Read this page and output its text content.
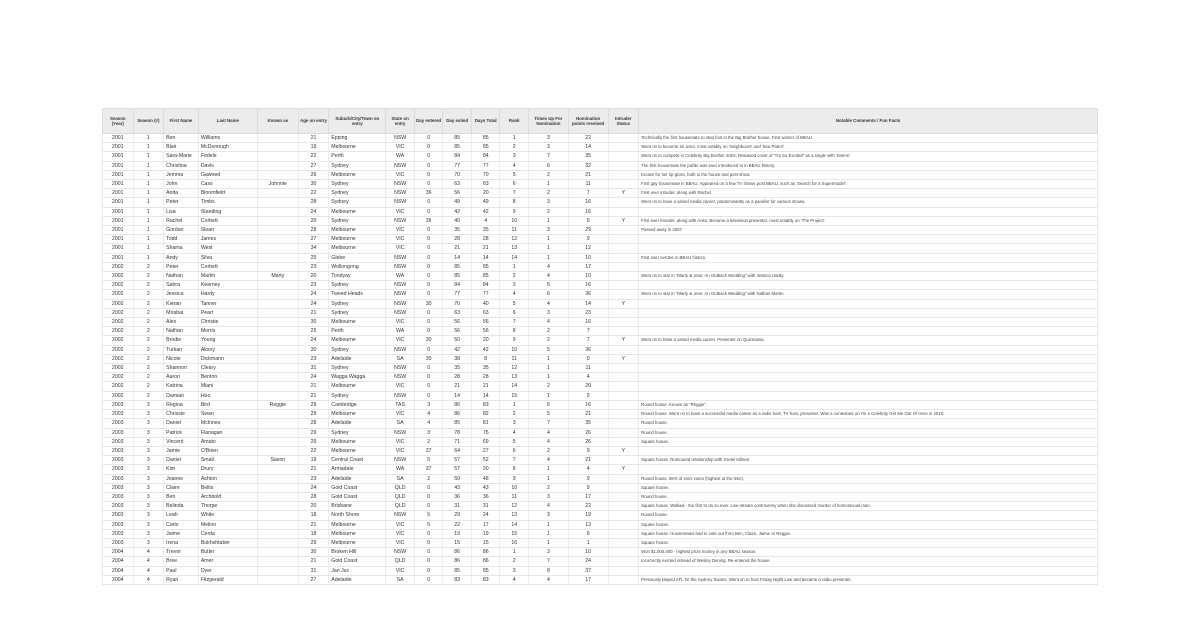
Season (Year)	Season (#)	First Name	Last Name	Known as	Age on entry	Suburb/City/Town on entry	State on entry	Day entered	Day exited	Days Total	Rank	Times Up For Nomination	Nomination points received	Intruder Status	Notable Comments / Fun Facts
2001	1	Ben	Williams		21	Epping	NSW	0	85	85	1	3	22		Technically the first housemate to step foot in the Big Brother house. First winner of BBAU.
2001	1	Blair	McDonough		19	Melbourne	VIC	0	85	85	2	3	14		Went on to become an actor, most notably on 'Neighbours' and 'Sea Patrol'.
2001	1	Sara-Marie	Fedele		22	Perth	WA	0	84	84	3	7	35		Went on to compete in Celebrity Big Brother 2002. Released cover of "I'm So Excited" as a single with 'Sirens'.
2001	1	Christina	Davis		27	Sydney	NSW	0	77	77	4	6	32		The first housemate the public was ever introduced to in BBAU history.
2001	1	Jemma	Gawned		26	Melbourne	VIC	0	70	70	5	2	21		Known for her lip-gloss, both in the house and post-show.
2001	1	John	Cass	Johnnie	30	Sydney	NSW	0	63	63	6	1	11		First gay housemate in BBAU. Appeared on a few TV shows post BBAU, such as 'Search for a Supermodel'.
2001	1	Anita	Bloomfield		22	Sydney	NSW	36	56	20	7	2	7	Y	First ever intruder, along with Rachel.
2001	1	Peter	Timbs		28	Sydney	NSW	0	49	49	8	3	16		Went on to have a varied media career, predominantly as a panelist for various shows.
2001	1	Lisa	Standing		24	Melbourne	VIC	0	42	42	9	2	16		
2001	1	Rachel	Corbett		20	Sydney	NSW	36	40	4	10	1	5	Y	First ever intruder, along with Anita. Became a television presenter, most notably on 'The Project'.
2001	1	Gordan	Sloan		28	Melbourne	VIC	0	35	35	11	3	29		Passed away in 2007.
2001	1	Todd	James		27	Melbourne	VIC	0	28	28	12	1	9		
2001	1	Shama	West		34	Melbourne	VIC	0	21	21	13	1	12		
2001	1	Andy	Silva		25	Glebe	NSW	0	14	14	14	1	10		First ever evictee in BBAU history.
2002	2	Peter	Corbett		23	Wollongong	NSW	0	85	85	1	4	17		
2002	2	Nathan	Martin	Marty	20	Toodyay	WA	0	85	85	2	4	10		Went on to star in "Marty & Jess: An Outback Wedding" with Jessica Hardy.
2002	2	Sahra	Kearney		23	Sydney	NSW	0	84	84	3	5	16		
2002	2	Jessica	Hardy		24	Tweed Heads	NSW	0	77	77	4	6	36		Went on to star in "Marty & Jess: An Outback Wedding" with Nathan Martin.
2002	2	Kieran	Tanner		24	Sydney	NSW	30	70	40	5	4	14	Y	
2002	2	Mirabai	Peart		21	Sydney	NSW	0	63	63	6	3	23		
2002	2	Alex	Christie		30	Melbourne	VIC	0	56	56	7	4	16		
2002	2	Nathan	Morris		25	Perth	WA	0	56	56	8	2	7		
2002	2	Brodie	Young		24	Melbourne	VIC	30	50	20	9	2	7	Y	Went on to have a varied media career. Presenter on Quizmania.
2002	2	Turkan	Aksoy		30	Sydney	NSW	0	42	42	10	5	36		
2002	2	Nicole	Dickmann		23	Adelaide	SA	30	38	8	11	1	0	Y	
2002	2	Shannon	Cleary		31	Sydney	NSW	0	35	35	12	1	11		
2002	2	Aaron	Benton		24	Wagga Wagga	NSW	0	28	28	13	1	4		
2002	2	Katrina	Miani		21	Melbourne	VIC	0	21	21	14	2	20		
2002	2	Damian	Hoo		21	Sydney	NSW	0	14	14	15	1	5		
2003	3	Regina	Bird	Reggie	29	Cambridge	TAS	3	86	83	1	6	16		Round house. Known as "Reggie".
2003	3	Chrissie	Swan		29	Melbourne	VIC	4	86	82	2	5	21		Round house. Went on to have a successful media career as a radio host, TV host, presenter. Was a contestant on I'm a Celebrity Get Me Out Of Here in 2019.
2003	3	Daniel	McInnes		28	Adelaide	SA	4	85	81	3	7	35		Round house.
2003	3	Patrick	Flanagan		29	Sydney	NSW	3	78	75	4	4	26		Round house.
2003	3	Vincent	Amato		29	Melbourne	VIC	2	71	69	5	4	26		Square house.
2003	3	Jamie	O'Brien		22	Melbourne	VIC	37	64	27	6	2	9	Y	
2003	3	Daniel	Small	Saxon	19	Central Coast	NSW	5	57	52	7	4	21		Square house. Rumoured relationship with Gretel Killeen.
2003	3	Kim	Drury		21	Armadale	WA	37	57	20	8	1	4	Y	
2003	3	Joanne	Ashton		23	Adelaide	SA	2	50	48	9	1	9		Round house. 86% of evict votes (highest at the time).
2003	3	Claire	Bellis		24	Gold Coast	QLD	0	43	43	10	2	9		Square house.
2003	3	Ben	Archbold		28	Gold Coast	QLD	0	36	36	11	3	17		Round house.
2003	3	Belinda	Thorpe		20	Brisbane	QLD	0	31	31	12	4	22		Square house. Walked - the first to do so ever. Live-stream controversy when she discussed murder of homosexual man.
2003	3	Leah	White		18	North Shore	NSW	5	29	24	13	3	19		Round house.
2003	3	Carlo	Melino		21	Melbourne	VIC	5	22	17	14	1	13		Square house.
2003	3	Jaime	Cerda		18	Melbourne	VIC	0	19	19	15	1	6		Square house. Housemates had to vote out from Ben, Claire, Jaime or Reggie.
2003	3	Irena	Bukhshtaber		29	Melbourne	VIC	0	15	15	16	1	1		Square house.
2004	4	Trevor	Butler		30	Broken Hill	NSW	0	86	86	1	3	10		Won $1,000,000 - highest prize money in any BBAU season.
2004	4	Bree	Amer		21	Gold Coast	QLD	0	86	86	2	7	24		Incorrectly evicted instead of Wesley Dening. Re-entered the house.
2004	4	Paul	Dyer		31	Jan Juc	VIC	0	85	85	3	8	37		
2004	4	Ryan	Fitzgerald		27	Adelaide	SA	0	83	83	4	4	17		Previously played AFL for the Sydney Swans. Went on to host Friday Night Live and became a radio presenter.
